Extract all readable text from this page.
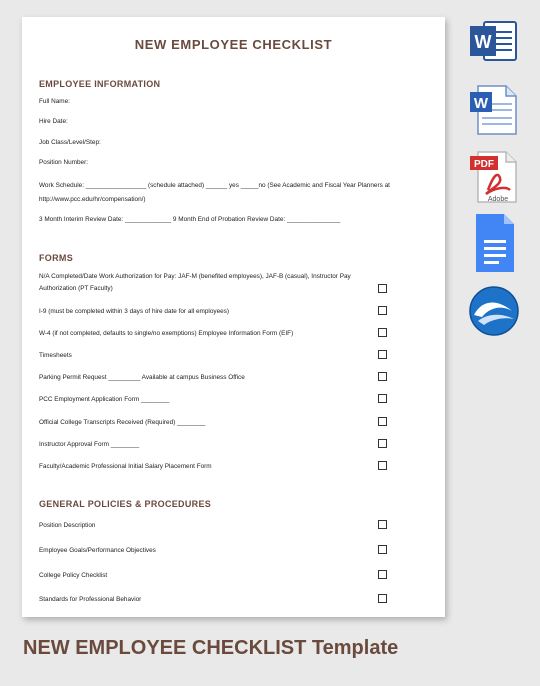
NEW EMPLOYEE CHECKLIST
EMPLOYEE INFORMATION
Full Name:
Hire Date:
Job Class/Level/Step:
Position Number:
Work Schedule: _________________ (schedule attached) ______ yes _____no (See Academic and Fiscal Year Planners at http://www.pcc.edu/hr/compensation/)
3 Month Interim Review Date: _____________ 9 Month End of Probation Review Date: _______________
FORMS
N/A Completed/Date Work Authorization for Pay: JAF-M (benefited employees), JAF-B (casual), Instructor Pay Authorization (PT Faculty)
I-9 (must be completed within 3 days of hire date for all employees)
W-4 (if not completed, defaults to single/no exemptions) Employee Information Form (EIF)
Timesheets
Parking Permit Request _________ Available at campus Business Office
PCC Employment Application Form ________
Official College Transcripts Received (Required) ________
Instructor Approval Form ________
Faculty/Academic Professional Initial Salary Placement Form
GENERAL POLICIES & PROCEDURES
Position Description
Employee Goals/Performance Objectives
College Policy Checklist
Standards for Professional Behavior
W
W
PDF
Adobe
NEW EMPLOYEE CHECKLIST Template
